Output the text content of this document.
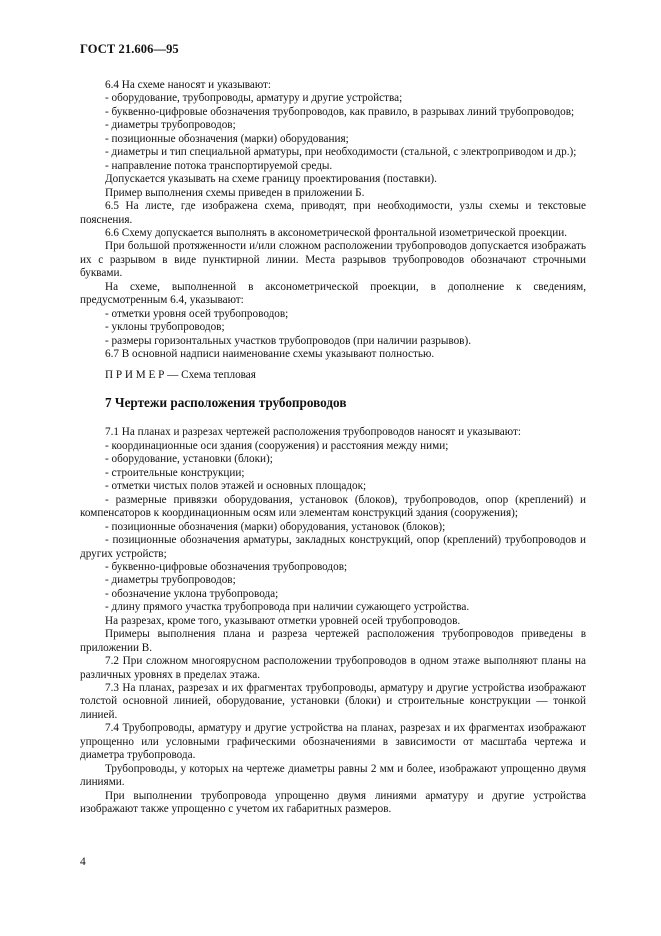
ГОСТ 21.606—95

6.4 На схеме наносят и указывают:

- оборудование, трубопроводы, арматуру и другие устройства;

- буквенно-цифровые обозначения трубопроводов, как правило, в разрывах линий трубопроводов;

- диаметры трубопроводов;

- позиционные обозначения (марки) оборудования;

- диаметры и тип специальной арматуры, при необходимости (стальной, с электроприводом и др.);

- направление потока транспортируемой среды.

Допускается указывать на схеме границу проектирования (поставки).

Пример выполнения схемы приведен в приложении Б.

6.5 На листе, где изображена схема, приводят, при необходимости, узлы схемы и текстовые пояснения.

6.6 Схему допускается выполнять в аксонометрической фронтальной изометрической проекции.

При большой протяженности и/или сложном расположении трубопроводов допускается изображать их с разрывом в виде пунктирной линии. Места разрывов трубопроводов обозначают строчными буквами.

На схеме, выполненной в аксонометрической проекции, в дополнение к сведениям, предусмотренным 6.4, указывают:

- отметки уровня осей трубопроводов;

- уклоны трубопроводов;

- размеры горизонтальных участков трубопроводов (при наличии разрывов).

6.7 В основной надписи наименование схемы указывают полностью.

П Р И М Е Р — Схема тепловая

7 Чертежи расположения трубопроводов

7.1 На планах и разрезах чертежей расположения трубопроводов наносят и указывают:

- координационные оси здания (сооружения) и расстояния между ними;

- оборудование, установки (блоки);

- строительные конструкции;

- отметки чистых полов этажей и основных площадок;

- размерные привязки оборудования, установок (блоков), трубопроводов, опор (креплений) и компенсаторов к координационным осям или элементам конструкций здания (сооружения);

- позиционные обозначения (марки) оборудования, установок (блоков);

- позиционные обозначения арматуры, закладных конструкций, опор (креплений) трубопроводов и других устройств;

- буквенно-цифровые обозначения трубопроводов;

- диаметры трубопроводов;

- обозначение уклона трубопровода;

- длину прямого участка трубопровода при наличии сужающего устройства.

На разрезах, кроме того, указывают отметки уровней осей трубопроводов.

Примеры выполнения плана и разреза чертежей расположения трубопроводов приведены в приложении В.

7.2 При сложном многоярусном расположении трубопроводов в одном этаже выполняют планы на различных уровнях в пределах этажа.

7.3 На планах, разрезах и их фрагментах трубопроводы, арматуру и другие устройства изображают толстой основной линией, оборудование, установки (блоки) и строительные конструкции — тонкой линией.

7.4 Трубопроводы, арматуру и другие устройства на планах, разрезах и их фрагментах изображают упрощенно или условными графическими обозначениями в зависимости от масштаба чертежа и диаметра трубопровода.

Трубопроводы, у которых на чертеже диаметры равны 2 мм и более, изображают упрощенно двумя линиями.

При выполнении трубопровода упрощенно двумя линиями арматуру и другие устройства изображают также упрощенно с учетом их габаритных размеров.

4
